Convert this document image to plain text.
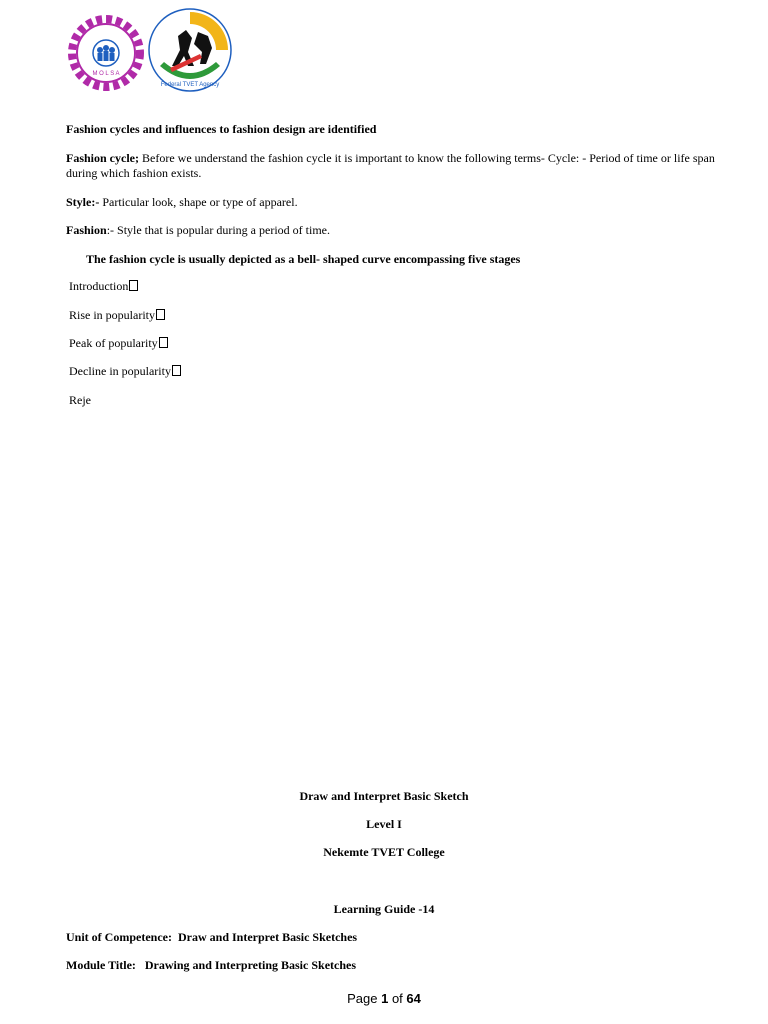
M O L S A
Federal TVET Agency
Fashion cycles and influences to fashion design are identified
Fashion cycle; Before we understand the fashion cycle it is important to know the following terms- Cycle: - Period of time or life span during which fashion exists.
Style:- Particular look, shape or type of apparel.
Fashion:- Style that is popular during a period of time.
The fashion cycle is usually depicted as a bell- shaped curve encompassing five stages
Introduction
Rise in popularity
Peak of popularity
Decline in popularity
Reje
Draw and Interpret Basic Sketch
Level I
Nekemte TVET College
Learning Guide -14
Unit of Competence: Draw and Interpret Basic Sketches
Module Title: Drawing and Interpreting Basic Sketches
Page 1 of 64
